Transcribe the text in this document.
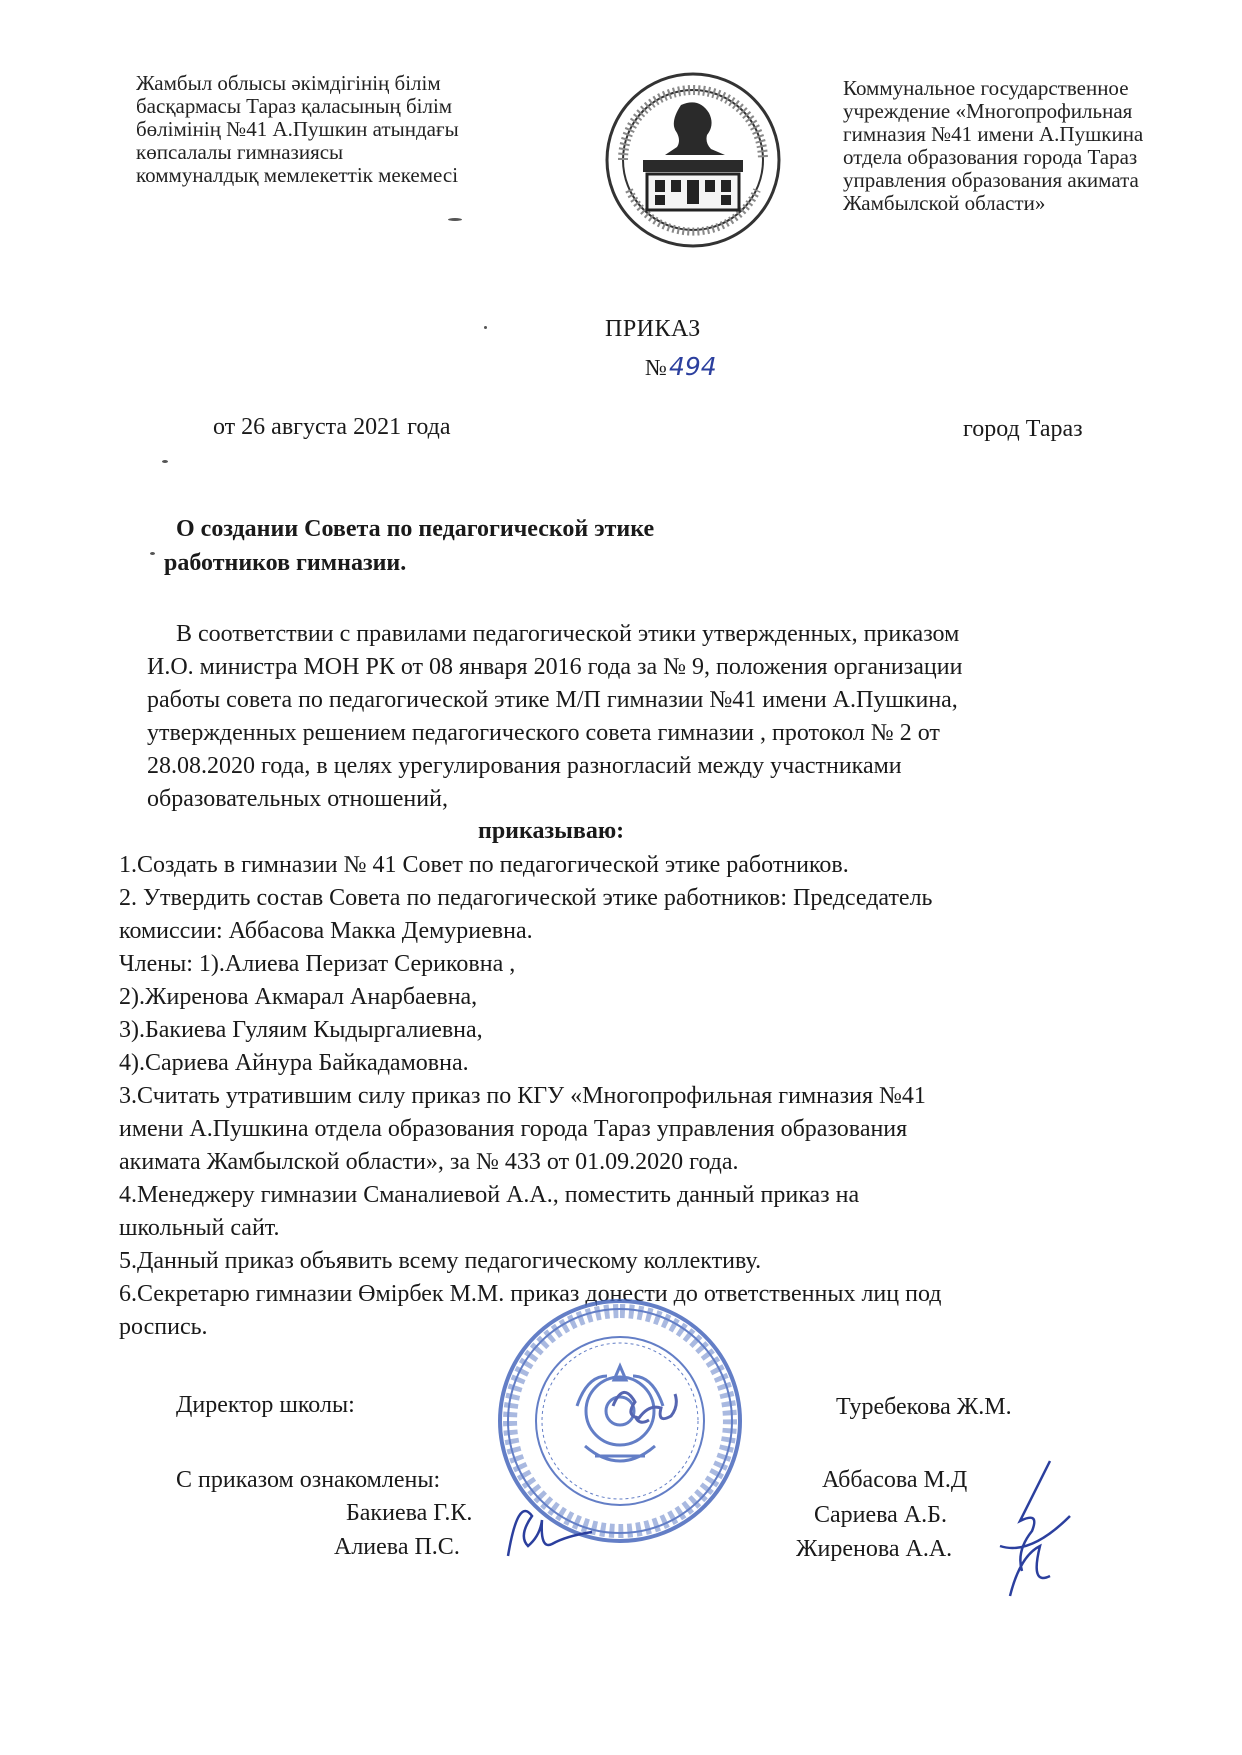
Жамбыл облысы әкімдігінің білім
басқармасы Тараз қаласының білім
бөлімінің №41 А.Пушкин атындағы
көпсалалы гимназиясы
коммуналдық мемлекеттік мекемесі
Коммунальное государственное
учреждение «Многопрофильная
гимназия №41 имени А.Пушкина
отдела образования города Тараз
управления образования акимата
Жамбылской области»
ПРИКАЗ
№494
от 26 августа 2021 года	город Тараз
О создании Совета по педагогической этике
работников гимназии.
В соответствии с правилами педагогической этики утвержденных, приказом
И.О. министра МОН РК от 08 января 2016 года за № 9, положения организации
работы совета по педагогической этике М/П гимназии №41 имени А.Пушкина,
утвержденных решением педагогического совета гимназии , протокол № 2 от
28.08.2020 года, в целях урегулирования разногласий между участниками
образовательных отношений,
приказываю:
1.Создать в гимназии № 41 Совет по педагогической этике работников.
2. Утвердить состав Совета по педагогической этике работников: Председатель
комиссии: Аббасова Макка Демуриевна.
Члены: 1).Алиева Перизат Сериковна ,
2).Жиренова Акмарал Анарбаевна,
3).Бакиева Гуляим Кыдыргалиевна,
4).Сариева Айнура Байкадамовна.
3.Считать утратившим силу приказ по КГУ «Многопрофильная гимназия №41
имени А.Пушкина отдела образования города Тараз управления образования
акимата Жамбылской области», за № 433 от 01.09.2020 года.
4.Менеджеру гимназии Сманалиевой А.А., поместить данный приказ на
школьный сайт.
5.Данный приказ объявить всему педагогическому коллективу.
6.Секретарю гимназии Өмірбек М.М. приказ донести до ответственных лиц под
роспись.
Директор школы:	Туребекова Ж.М.
С приказом ознакомлены:
Бакиева Г.К.
Алиева П.С.
Аббасова М.Д
Сариева А.Б.
Жиренова А.А.
